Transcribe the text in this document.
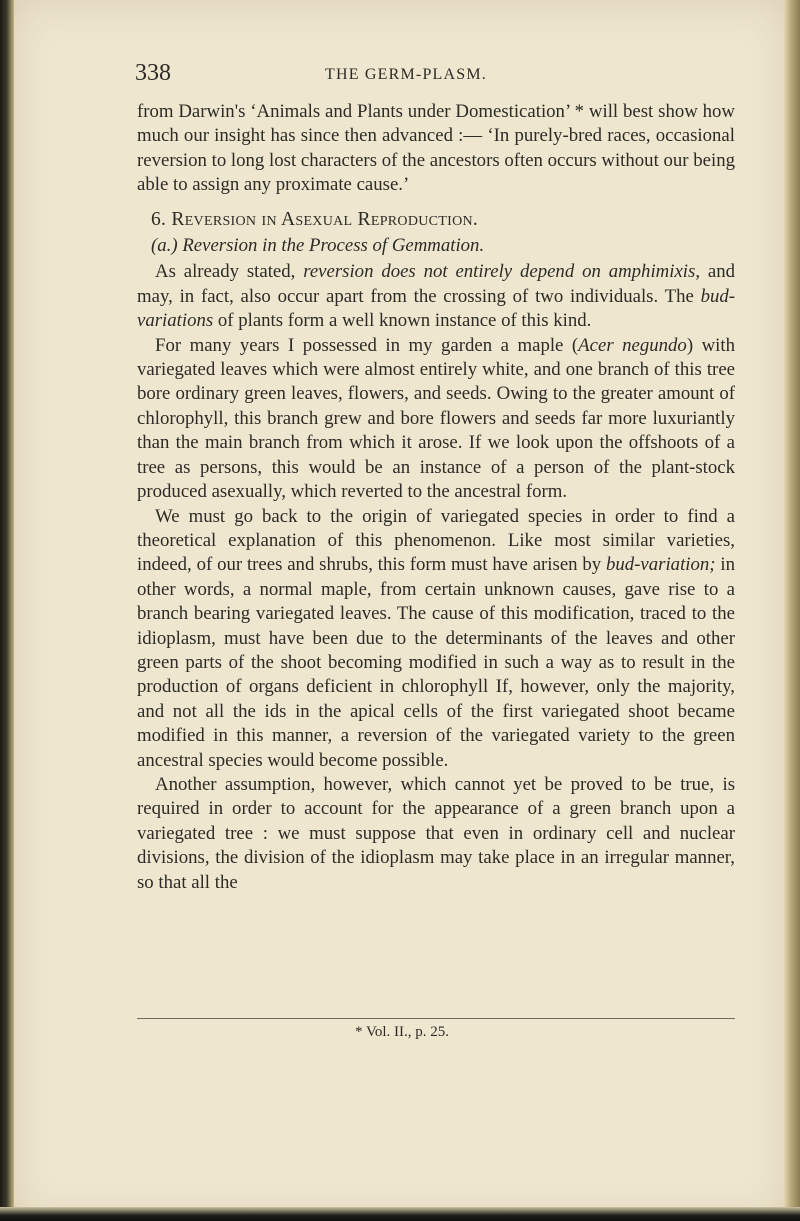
338	THE GERM-PLASM.

from Darwin's ‘Animals and Plants under Domestication’ * will best show how much our insight has since then advanced :— ‘In purely-bred races, occasional reversion to long lost characters of the ancestors often occurs without our being able to assign any proximate cause.’

6. Reversion in Asexual Reproduction.

(a.) Reversion in the Process of Gemmation.

As already stated, reversion does not entirely depend on amphimixis, and may, in fact, also occur apart from the crossing of two individuals. The bud-variations of plants form a well known instance of this kind.

For many years I possessed in my garden a maple (Acer negundo) with variegated leaves which were almost entirely white, and one branch of this tree bore ordinary green leaves, flowers, and seeds. Owing to the greater amount of chlorophyll, this branch grew and bore flowers and seeds far more luxuriantly than the main branch from which it arose. If we look upon the offshoots of a tree as persons, this would be an instance of a person of the plant-stock produced asexually, which reverted to the ancestral form.

We must go back to the origin of variegated species in order to find a theoretical explanation of this phenomenon. Like most similar varieties, indeed, of our trees and shrubs, this form must have arisen by bud-variation; in other words, a normal maple, from certain unknown causes, gave rise to a branch bearing variegated leaves. The cause of this modification, traced to the idioplasm, must have been due to the determinants of the leaves and other green parts of the shoot becoming modified in such a way as to result in the production of organs deficient in chlorophyll If, however, only the majority, and not all the ids in the apical cells of the first variegated shoot became modified in this manner, a reversion of the variegated variety to the green ancestral species would become possible.

Another assumption, however, which cannot yet be proved to be true, is required in order to account for the appearance of a green branch upon a variegated tree : we must suppose that even in ordinary cell and nuclear divisions, the division of the idioplasm may take place in an irregular manner, so that all the

* Vol. II., p. 25.
